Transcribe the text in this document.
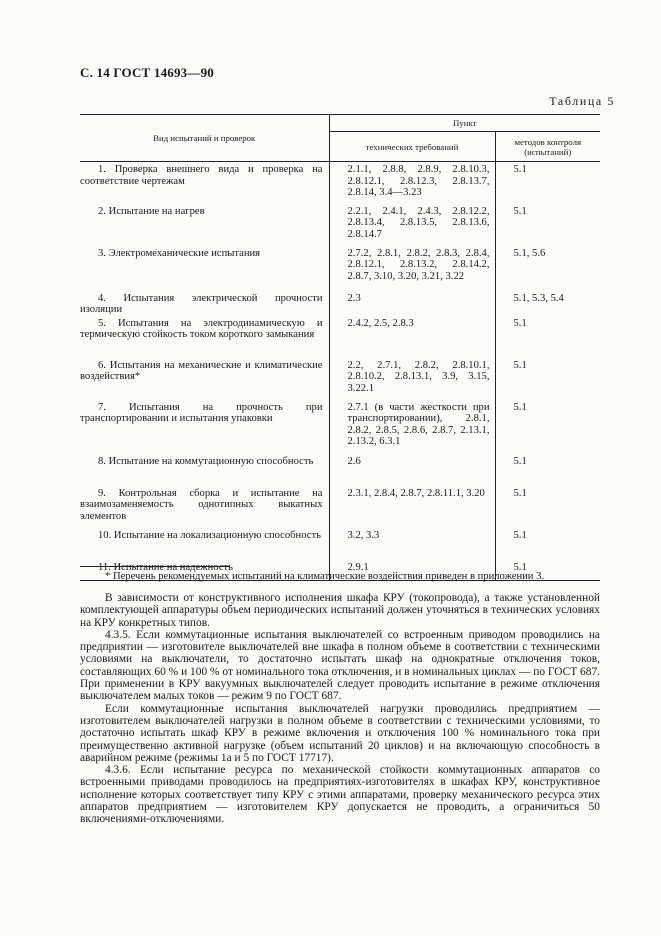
С. 14 ГОСТ 14693—90
Таблица 5
Вид испытаний и проверок	Пункт	
	технических требований	методов контроля (испытаний)

1. Проверка внешнего вида и проверка на соответствие чертежам	2.1.1, 2.8.8, 2.8.9, 2.8.10.3, 2.8.12.1, 2.8.12.3, 2.8.13.7, 2.8.14, 3.4—3.23	5.1

2. Испытание на нагрев	2.2.1, 2.4.1, 2.4.3, 2.8.12.2, 2.8.13.4, 2.8.13.5, 2.8.13.6, 2.8.14.7	5.1

3. Электромеханические испытания	2.7.2, 2.8.1, 2.8.2, 2.8.3, 2.8.4, 2.8.12.1, 2.8.13.2, 2.8.14.2, 2.8.7, 3.10, 3.20, 3.21, 3.22	5.1, 5.6

4. Испытания электрической прочности изоляции	2.3	5.1, 5.3, 5.4

5. Испытания на электродинамическую и термическую стойкость током короткого замыкания	2.4.2, 2.5, 2.8.3	5.1

6. Испытания на механические и климатические воздействия*	2.2, 2.7.1, 2.8.2, 2.8.10.1, 2.8.10.2, 2.8.13.1, 3.9, 3.15, 3.22.1	5.1

7. Испытания на прочность при транспортировании и испытания упаковки	2.7.1 (в части жесткости при транспортировании), 2.8.1, 2.8.2, 2.8.5, 2.8.6, 2.8.7, 2.13.1, 2.13.2, 6.3.1	5.1

8. Испытание на коммутационную способность	2.6	5.1

9. Контрольная сборка и испытание на взаимозаменяемость однотипных выкатных элементов	2.3.1, 2.8.4, 2.8.7, 2.8.11.1, 3.20	5.1

10. Испытание на локализационную способность	3.2, 3.3	5.1

11. Испытание на надежность	2.9.1	5.1
* Перечень рекомендуемых испытаний на климатические воздействия приведен в приложении 3.

В зависимости от конструктивного исполнения шкафа КРУ (токопровода), а также установленной комплектующей аппаратуры объем периодических испытаний должен уточняться в технических условиях на КРУ конкретных типов.

4.3.5. Если коммутационные испытания выключателей со встроенным приводом проводились на предприятии — изготовителе выключателей вне шкафа в полном объеме в соответствии с техническими условиями на выключатели, то достаточно испытать шкаф на однократные отключения токов, составляющих 60 % и 100 % от номинального тока отключения, и в номинальных циклах — по ГОСТ 687. При применении в КРУ вакуумных выключателей следует проводить испытание в режиме отключения выключателем малых токов — режим 9 по ГОСТ 687.

Если коммутационные испытания выключателей нагрузки проводились предприятием — изготовителем выключателей нагрузки в полном объеме в соответствии с техническими условиями, то достаточно испытать шкаф КРУ в режиме включения и отключения 100 % номинального тока при преимущественно активной нагрузке (объем испытаний 20 циклов) и на включающую способность в аварийном режиме (режимы 1а и 5 по ГОСТ 17717).

4.3.6. Если испытание ресурса по механической стойкости коммутационных аппаратов со встроенными приводами проводилось на предприятиях-изготовителях в шкафах КРУ, конструктивное исполнение которых соответствует типу КРУ с этими аппаратами, проверку механического ресурса этих аппаратов предприятием — изготовителем КРУ допускается не проводить, а ограничиться 50 включениями-отключениями.
